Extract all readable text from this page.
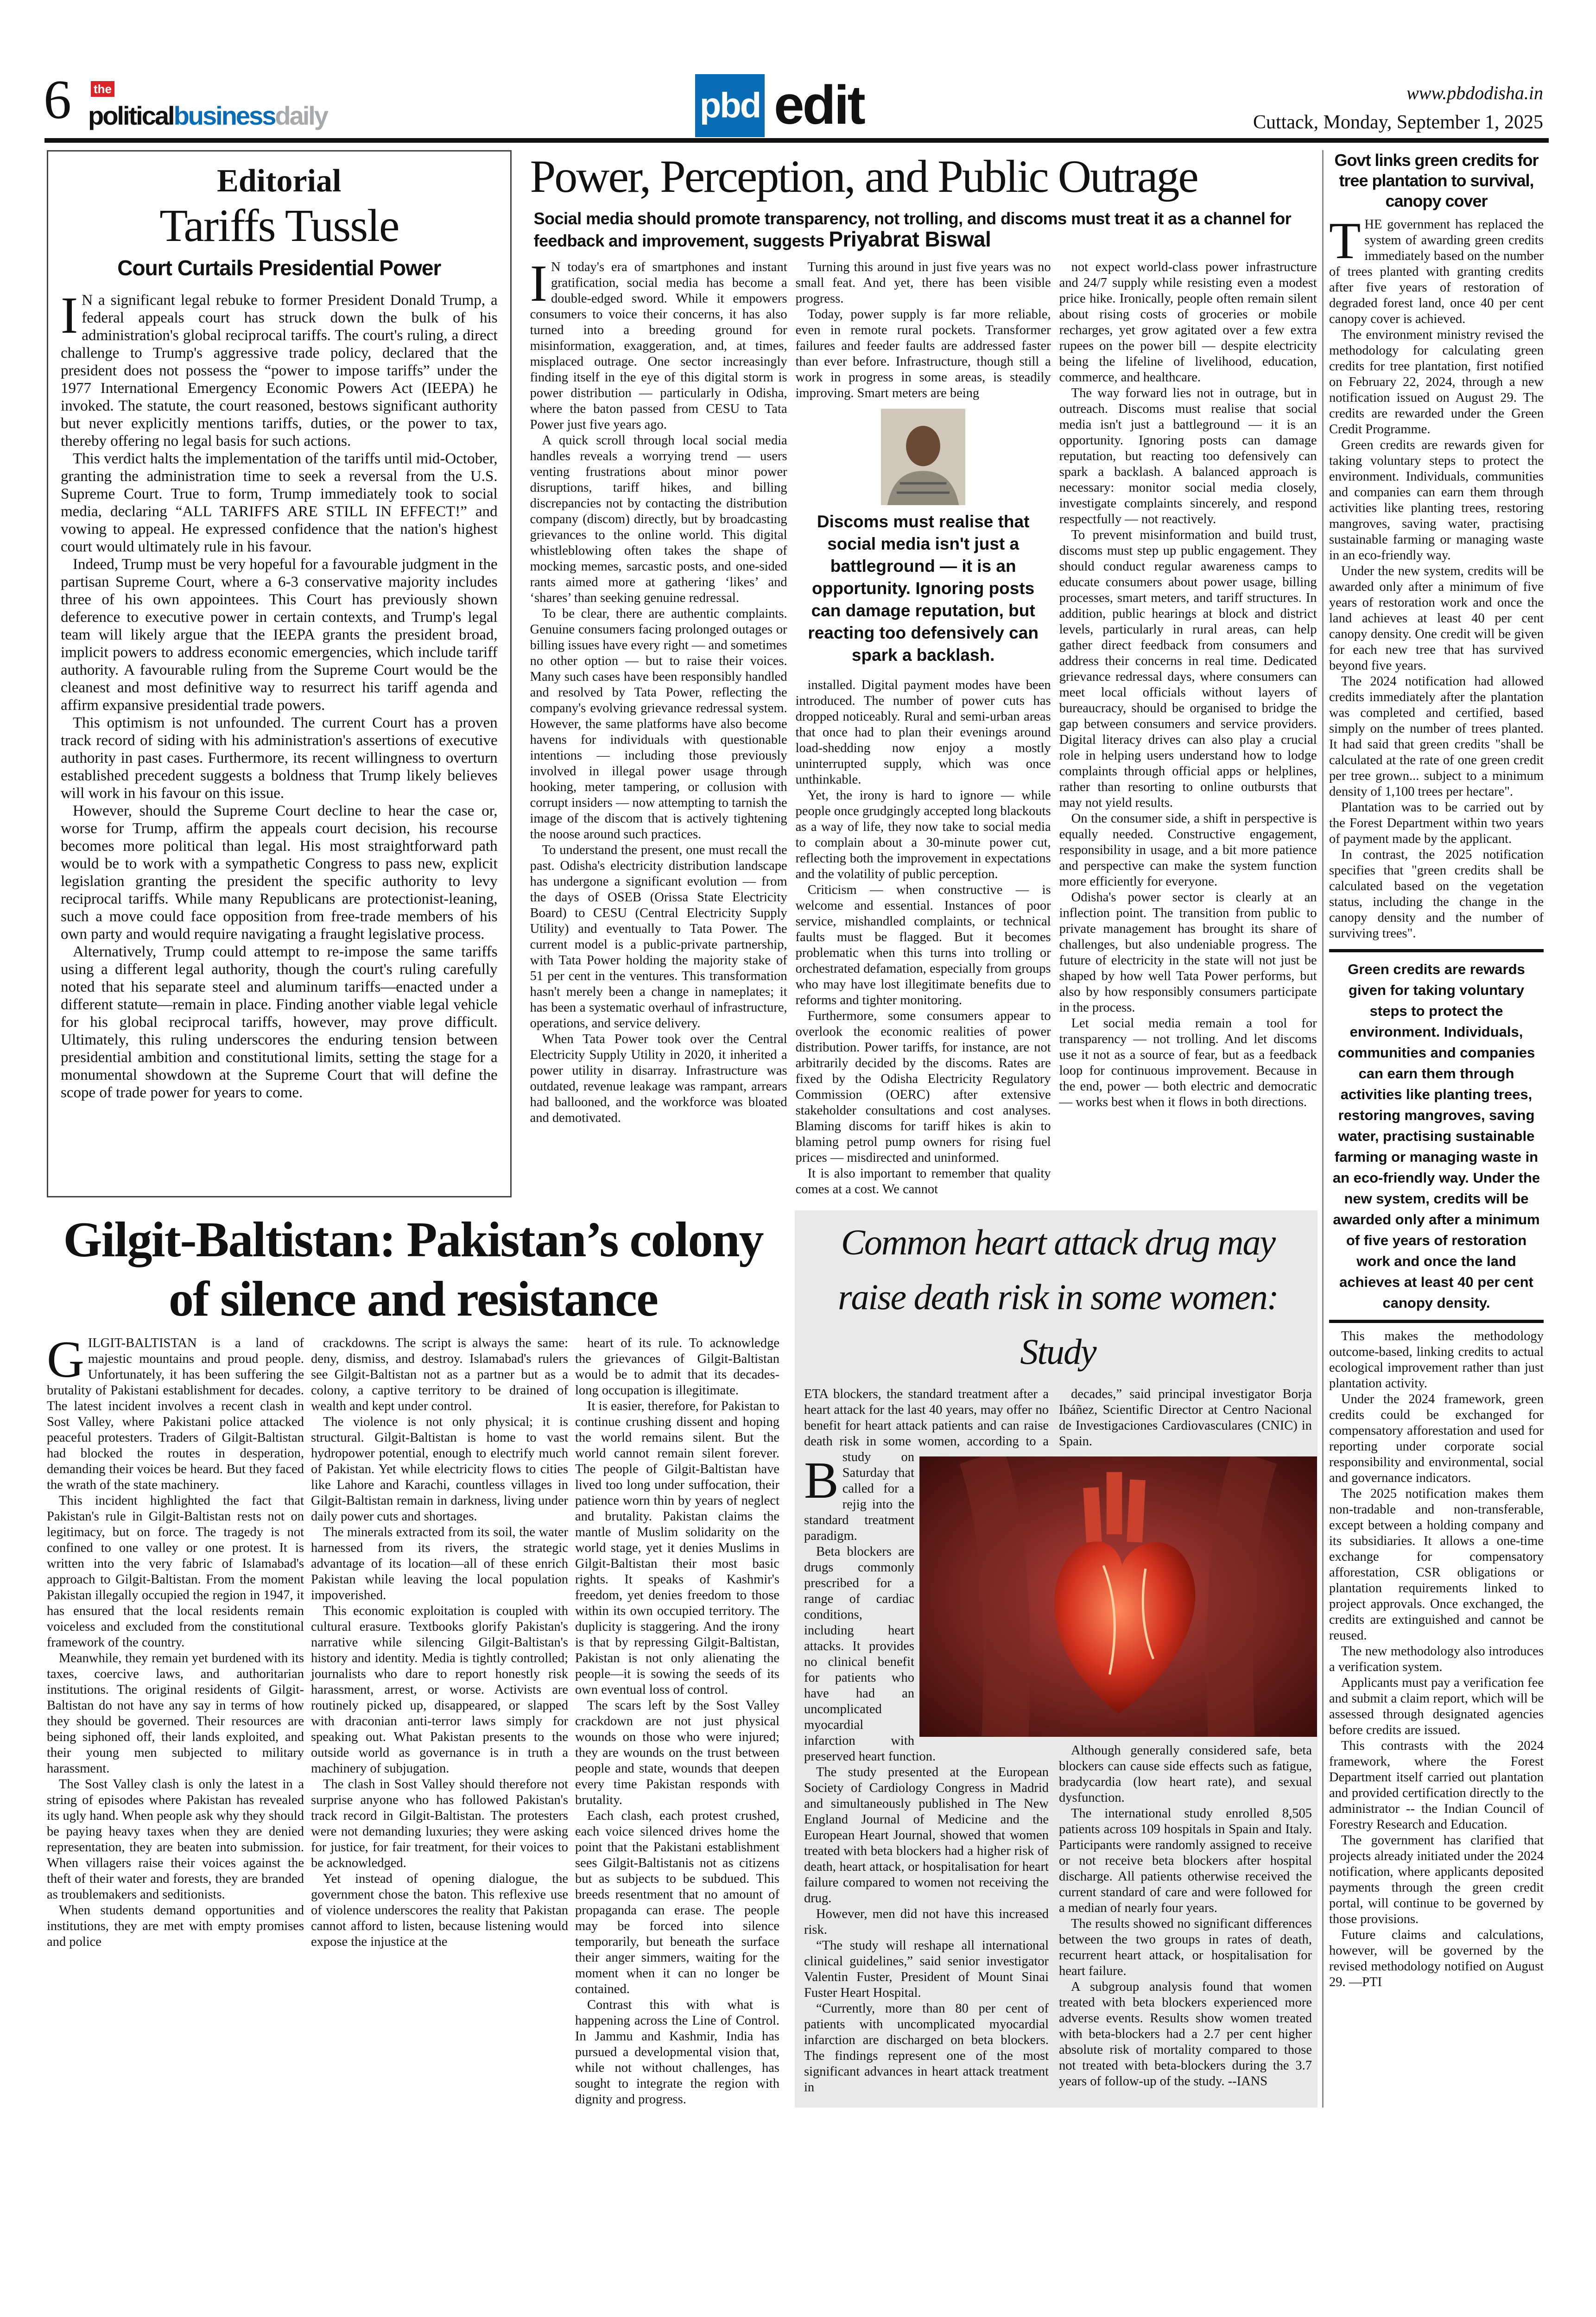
6 the
politicalbusinessdaily	pbd edit	www.pbdodisha.in
Cuttack, Monday, September 1, 2025
Editorial
Tariffs Tussle
Court Curtails Presidential Power

IN a significant legal rebuke to former President Donald Trump, a federal appeals court has struck down the bulk of his administration's global reciprocal tariffs. The court's ruling, a direct challenge to Trump's aggressive trade policy, declared that the president does not possess the “power to impose tariffs” under the 1977 International Emergency Economic Powers Act (IEEPA) he invoked. The statute, the court reasoned, bestows significant authority but never explicitly mentions tariffs, duties, or the power to tax, thereby offering no legal basis for such actions.

This verdict halts the implementation of the tariffs until mid-October, granting the administration time to seek a reversal from the U.S. Supreme Court. True to form, Trump immediately took to social media, declaring “ALL TARIFFS ARE STILL IN EFFECT!” and vowing to appeal. He expressed confidence that the nation's highest court would ultimately rule in his favour.

Indeed, Trump must be very hopeful for a favourable judgment in the partisan Supreme Court, where a 6-3 conservative majority includes three of his own appointees. This Court has previously shown deference to executive power in certain contexts, and Trump's legal team will likely argue that the IEEPA grants the president broad, implicit powers to address economic emergencies, which include tariff authority. A favourable ruling from the Supreme Court would be the cleanest and most definitive way to resurrect his tariff agenda and affirm expansive presidential trade powers.

This optimism is not unfounded. The current Court has a proven track record of siding with his administration's assertions of executive authority in past cases. Furthermore, its recent willingness to overturn established precedent suggests a boldness that Trump likely believes will work in his favour on this issue.

However, should the Supreme Court decline to hear the case or, worse for Trump, affirm the appeals court decision, his recourse becomes more political than legal. His most straightforward path would be to work with a sympathetic Congress to pass new, explicit legislation granting the president the specific authority to levy reciprocal tariffs. While many Republicans are protectionist-leaning, such a move could face opposition from free-trade members of his own party and would require navigating a fraught legislative process.

Alternatively, Trump could attempt to re-impose the same tariffs using a different legal authority, though the court's ruling carefully noted that his separate steel and aluminum tariffs—enacted under a different statute—remain in place. Finding another viable legal vehicle for his global reciprocal tariffs, however, may prove difficult. Ultimately, this ruling underscores the enduring tension between presidential ambition and constitutional limits, setting the stage for a monumental showdown at the Supreme Court that will define the scope of trade power for years to come.

Power, Perception, and Public Outrage
Social media should promote transparency, not trolling, and discoms must treat it as a channel for feedback and improvement, suggests Priyabrat Biswal

IN today's era of smartphones and instant gratification, social media has become a double-edged sword. While it empowers consumers to voice their concerns, it has also turned into a breeding ground for misinformation, exaggeration, and, at times, misplaced outrage. One sector increasingly finding itself in the eye of this digital storm is power distribution — particularly in Odisha, where the baton passed from CESU to Tata Power just five years ago.

A quick scroll through local social media handles reveals a worrying trend — users venting frustrations about minor power disruptions, tariff hikes, and billing discrepancies not by contacting the distribution company (discom) directly, but by broadcasting grievances to the online world. This digital whistleblowing often takes the shape of mocking memes, sarcastic posts, and one-sided rants aimed more at gathering ‘likes’ and ‘shares’ than seeking genuine redressal.

To be clear, there are authentic complaints. Genuine consumers facing prolonged outages or billing issues have every right — and sometimes no other option — but to raise their voices. Many such cases have been responsibly handled and resolved by Tata Power, reflecting the company's evolving grievance redressal system. However, the same platforms have also become havens for individuals with questionable intentions — including those previously involved in illegal power usage through hooking, meter tampering, or collusion with corrupt insiders — now attempting to tarnish the image of the discom that is actively tightening the noose around such practices.

To understand the present, one must recall the past. Odisha's electricity distribution landscape has undergone a significant evolution — from the days of OSEB (Orissa State Electricity Board) to CESU (Central Electricity Supply Utility) and eventually to Tata Power. The current model is a public-private partnership, with Tata Power holding the majority stake of 51 per cent in the ventures. This transformation hasn't merely been a change in nameplates; it has been a systematic overhaul of infrastructure, operations, and service delivery.

When Tata Power took over the Central Electricity Supply Utility in 2020, it inherited a power utility in disarray. Infrastructure was outdated, revenue leakage was rampant, arrears had ballooned, and the workforce was bloated and demotivated.

Turning this around in just five years was no small feat. And yet, there has been visible progress.

Today, power supply is far more reliable, even in remote rural pockets. Transformer failures and feeder faults are addressed faster than ever before. Infrastructure, though still a work in progress in some areas, is steadily improving. Smart meters are being

Discoms must realise that social media isn't just a battleground — it is an opportunity. Ignoring posts can damage reputation, but reacting too defensively can spark a backlash.

installed. Digital payment modes have been introduced. The number of power cuts has dropped noticeably. Rural and semi-urban areas that once had to plan their evenings around load-shedding now enjoy a mostly uninterrupted supply, which was once unthinkable.

Yet, the irony is hard to ignore — while people once grudgingly accepted long blackouts as a way of life, they now take to social media to complain about a 30-minute power cut, reflecting both the improvement in expectations and the volatility of public perception.

Criticism — when constructive — is welcome and essential. Instances of poor service, mishandled complaints, or technical faults must be flagged. But it becomes problematic when this turns into trolling or orchestrated defamation, especially from groups who may have lost illegitimate benefits due to reforms and tighter monitoring.

Furthermore, some consumers appear to overlook the economic realities of power distribution. Power tariffs, for instance, are not arbitrarily decided by the discoms. Rates are fixed by the Odisha Electricity Regulatory Commission (OERC) after extensive stakeholder consultations and cost analyses. Blaming discoms for tariff hikes is akin to blaming petrol pump owners for rising fuel prices — misdirected and uninformed.

It is also important to remember that quality comes at a cost. We cannot

not expect world-class power infrastructure and 24/7 supply while resisting even a modest price hike. Ironically, people often remain silent about rising costs of groceries or mobile recharges, yet grow agitated over a few extra rupees on the power bill — despite electricity being the lifeline of livelihood, education, commerce, and healthcare.

The way forward lies not in outrage, but in outreach. Discoms must realise that social media isn't just a battleground — it is an opportunity. Ignoring posts can damage reputation, but reacting too defensively can spark a backlash. A balanced approach is necessary: monitor social media closely, investigate complaints sincerely, and respond respectfully — not reactively.

To prevent misinformation and build trust, discoms must step up public engagement. They should conduct regular awareness camps to educate consumers about power usage, billing processes, smart meters, and tariff structures. In addition, public hearings at block and district levels, particularly in rural areas, can help gather direct feedback from consumers and address their concerns in real time. Dedicated grievance redressal days, where consumers can meet local officials without layers of bureaucracy, should be organised to bridge the gap between consumers and service providers. Digital literacy drives can also play a crucial role in helping users understand how to lodge complaints through official apps or helplines, rather than resorting to online outbursts that may not yield results.

On the consumer side, a shift in perspective is equally needed. Constructive engagement, responsibility in usage, and a bit more patience and perspective can make the system function more efficiently for everyone.

Odisha's power sector is clearly at an inflection point. The transition from public to private management has brought its share of challenges, but also undeniable progress. The future of electricity in the state will not just be shaped by how well Tata Power performs, but also by how responsibly consumers participate in the process.

Let social media remain a tool for transparency — not trolling. And let discoms use it not as a source of fear, but as a feedback loop for continuous improvement. Because in the end, power — both electric and democratic — works best when it flows in both directions.

Gilgit-Baltistan: Pakistan’s colony of silence and resistance

GILGIT-BALTISTAN is a land of majestic mountains and proud people. Unfortunately, it has been suffering the brutality of Pakistani establishment for decades. The latest incident involves a recent clash in Sost Valley, where Pakistani police attacked peaceful protesters. Traders of Gilgit-Baltistan had blocked the routes in desperation, demanding their voices be heard. But they faced the wrath of the state machinery.

This incident highlighted the fact that Pakistan's rule in Gilgit-Baltistan rests not on legitimacy, but on force. The tragedy is not confined to one valley or one protest. It is written into the very fabric of Islamabad's approach to Gilgit-Baltistan. From the moment Pakistan illegally occupied the region in 1947, it has ensured that the local residents remain voiceless and excluded from the constitutional framework of the country.

Meanwhile, they remain yet burdened with its taxes, coercive laws, and authoritarian institutions. The original residents of Gilgit-Baltistan do not have any say in terms of how they should be governed. Their resources are being siphoned off, their lands exploited, and their young men subjected to military harassment.

The Sost Valley clash is only the latest in a string of episodes where Pakistan has revealed its ugly hand. When people ask why they should be paying heavy taxes when they are denied representation, they are beaten into submission. When villagers raise their voices against the theft of their water and forests, they are branded as troublemakers and seditionists.

When students demand opportunities and institutions, they are met with empty promises and police

crackdowns. The script is always the same: deny, dismiss, and destroy. Islamabad's rulers see Gilgit-Baltistan not as a partner but as a colony, a captive territory to be drained of wealth and kept under control.

The violence is not only physical; it is structural. Gilgit-Baltistan is home to vast hydropower potential, enough to electrify much of Pakistan. Yet while electricity flows to cities like Lahore and Karachi, countless villages in Gilgit-Baltistan remain in darkness, living under daily power cuts and shortages.

The minerals extracted from its soil, the water harnessed from its rivers, the strategic advantage of its location—all of these enrich Pakistan while leaving the local population impoverished.

This economic exploitation is coupled with cultural erasure. Textbooks glorify Pakistan's narrative while silencing Gilgit-Baltistan's history and identity. Media is tightly controlled; journalists who dare to report honestly risk harassment, arrest, or worse. Activists are routinely picked up, disappeared, or slapped with draconian anti-terror laws simply for speaking out. What Pakistan presents to the outside world as governance is in truth a machinery of subjugation.

The clash in Sost Valley should therefore not surprise anyone who has followed Pakistan's track record in Gilgit-Baltistan. The protesters were not demanding luxuries; they were asking for justice, for fair treatment, for their voices to be acknowledged.

Yet instead of opening dialogue, the government chose the baton. This reflexive use of violence underscores the reality that Pakistan cannot afford to listen, because listening would expose the injustice at the

heart of its rule. To acknowledge the grievances of Gilgit-Baltistan would be to admit that its decades-long occupation is illegitimate.

It is easier, therefore, for Pakistan to continue crushing dissent and hoping the world remains silent. But the world cannot remain silent forever. The people of Gilgit-Baltistan have lived too long under suffocation, their patience worn thin by years of neglect and brutality. Pakistan claims the mantle of Muslim solidarity on the world stage, yet it denies Muslims in Gilgit-Baltistan their most basic rights. It speaks of Kashmir's freedom, yet denies freedom to those within its own occupied territory. The duplicity is staggering. And the irony is that by repressing Gilgit-Baltistan, Pakistan is not only alienating the people—it is sowing the seeds of its own eventual loss of control.

The scars left by the Sost Valley crackdown are not just physical wounds on those who were injured; they are wounds on the trust between people and state, wounds that deepen every time Pakistan responds with brutality.

Each clash, each protest crushed, each voice silenced drives home the point that the Pakistani establishment sees Gilgit-Baltistanis not as citizens but as subjects to be subdued. This breeds resentment that no amount of propaganda can erase. The people may be forced into silence temporarily, but beneath the surface their anger simmers, waiting for the moment when it can no longer be contained.

Contrast this with what is happening across the Line of Control. In Jammu and Kashmir, India has pursued a developmental vision that, while not without challenges, has sought to integrate the region with dignity and progress.

Common heart attack drug may raise death risk in some women: Study

BETA blockers, the standard treatment after a heart attack for the last 40 years, may offer no benefit for heart attack patients and can raise death risk in some women, according to a study on Saturday that called for a rejig into the standard treatment paradigm.

Beta blockers are drugs commonly prescribed for a range of cardiac conditions, including heart attacks. It provides no clinical benefit for patients who have had an uncomplicated myocardial infarction with preserved heart function.

The study presented at the European Society of Cardiology Congress in Madrid and simultaneously published in The New England Journal of Medicine and the European Heart Journal, showed that women treated with beta blockers had a higher risk of death, heart attack, or hospitalisation for heart failure compared to women not receiving the drug.

However, men did not have this increased risk.

“The study will reshape all international clinical guidelines,” said senior investigator Valentin Fuster, President of Mount Sinai Fuster Heart Hospital.

“Currently, more than 80 per cent of patients with uncomplicated myocardial infarction are discharged on beta blockers. The findings represent one of the most significant advances in heart attack treatment in

decades,” said principal investigator Borja Ibáñez, Scientific Director at Centro Nacional de Investigaciones Cardiovasculares (CNIC) in Spain.

Although generally considered safe, beta blockers can cause side effects such as fatigue, bradycardia (low heart rate), and sexual dysfunction.

The international study enrolled 8,505 patients across 109 hospitals in Spain and Italy. Participants were randomly assigned to receive or not receive beta blockers after hospital discharge. All patients otherwise received the current standard of care and were followed for a median of nearly four years.

The results showed no significant differences between the two groups in rates of death, recurrent heart attack, or hospitalisation for heart failure.

A subgroup analysis found that women treated with beta blockers experienced more adverse events. Results show women treated with beta-blockers had a 2.7 per cent higher absolute risk of mortality compared to those not treated with beta-blockers during the 3.7 years of follow-up of the study. --IANS

Govt links green credits for tree plantation to survival, canopy cover

THE government has replaced the system of awarding green credits immediately based on the number of trees planted with granting credits after five years of restoration of degraded forest land, once 40 per cent canopy cover is achieved.

The environment ministry revised the methodology for calculating green credits for tree plantation, first notified on February 22, 2024, through a new notification issued on August 29. The credits are rewarded under the Green Credit Programme.

Green credits are rewards given for taking voluntary steps to protect the environment. Individuals, communities and companies can earn them through activities like planting trees, restoring mangroves, saving water, practising sustainable farming or managing waste in an eco-friendly way.

Under the new system, credits will be awarded only after a minimum of five years of restoration work and once the land achieves at least 40 per cent canopy density. One credit will be given for each new tree that has survived beyond five years.

The 2024 notification had allowed credits immediately after the plantation was completed and certified, based simply on the number of trees planted. It had said that green credits "shall be calculated at the rate of one green credit per tree grown... subject to a minimum density of 1,100 trees per hectare".

Plantation was to be carried out by the Forest Department within two years of payment made by the applicant.

In contrast, the 2025 notification specifies that "green credits shall be calculated based on the vegetation status, including the change in the canopy density and the number of surviving trees".

Green credits are rewards given for taking voluntary steps to protect the environment. Individuals, communities and companies can earn them through activities like planting trees, restoring mangroves, saving water, practising sustainable farming or managing waste in an eco-friendly way. Under the new system, credits will be awarded only after a minimum of five years of restoration work and once the land achieves at least 40 per cent canopy density.

This makes the methodology outcome-based, linking credits to actual ecological improvement rather than just plantation activity.

Under the 2024 framework, green credits could be exchanged for compensatory afforestation and used for reporting under corporate social responsibility and environmental, social and governance indicators.

The 2025 notification makes them non-tradable and non-transferable, except between a holding company and its subsidiaries. It allows a one-time exchange for compensatory afforestation, CSR obligations or plantation requirements linked to project approvals. Once exchanged, the credits are extinguished and cannot be reused.

The new methodology also introduces a verification system.

Applicants must pay a verification fee and submit a claim report, which will be assessed through designated agencies before credits are issued.

This contrasts with the 2024 framework, where the Forest Department itself carried out plantation and provided certification directly to the administrator -- the Indian Council of Forestry Research and Education.

The government has clarified that projects already initiated under the 2024 notification, where applicants deposited payments through the green credit portal, will continue to be governed by those provisions.

Future claims and calculations, however, will be governed by the revised methodology notified on August 29. —PTI
